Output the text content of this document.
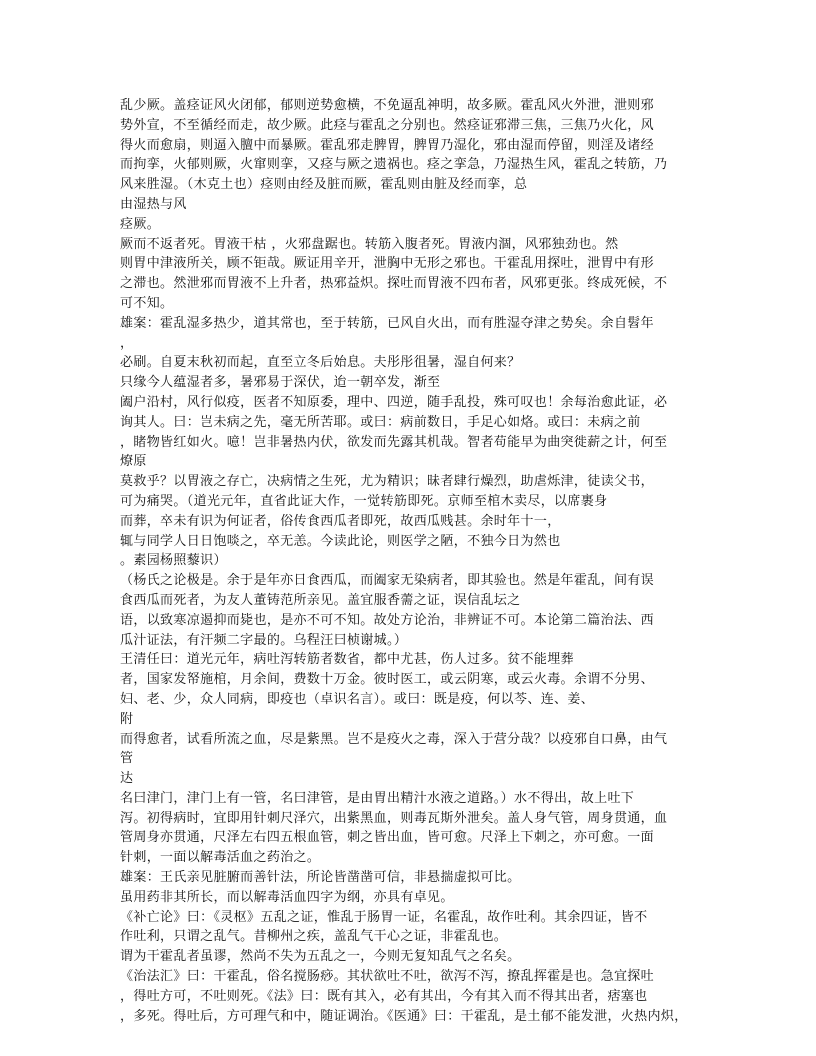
乱少厥。盖痉证风火闭郁，郁则逆势愈横，不免逼乱神明，故多厥。霍乱风火外泄，泄则邪
势外宣，不至循经而走，故少厥。此痉与霍乱之分别也。然痉证邪滞三焦，三焦乃火化，风
得火而愈扇，则逼入膻中而暴厥。霍乱邪走脾胃，脾胃乃湿化，邪由湿而停留，则淫及诸经
而拘挛，火郁则厥，火窜则挛，又痉与厥之遗祸也。痉之挛急，乃湿热生风，霍乱之转筋，乃
风来胜湿。（木克土也）痉则由经及脏而厥，霍乱则由脏及经而挛，总
由湿热与风
痉厥。
厥而不返者死。胃液干枯 ，火邪盘踞也。转筋入腹者死。胃液内涸，风邪独劲也。然
则胃中津液所关，顾不钜哉。厥证用辛开，泄胸中无形之邪也。干霍乱用探吐，泄胃中有形
之滞也。然泄邪而胃液不上升者，热邪益炽。探吐而胃液不四布者，风邪更张。终成死候，不
可不知。
雄案：霍乱湿多热少，道其常也，至于转筋，已风自火出，而有胜湿夺津之势矣。余自髫年
，
必刷。自夏末秋初而起，直至立冬后始息。夫彤彤徂暑，湿自何来？
只缘今人蕴湿者多，暑邪易于深伏，迨一朝卒发，渐至
阖户沿村，风行似疫，医者不知原委，理中、四逆，随手乱投，殊可叹也！余每治愈此证，必
询其人。曰：岂未病之先，毫无所苦耶。或曰：病前数日，手足心如烙。或曰：未病之前
，睹物皆红如火。噫！岂非暑热内伏，欲发而先露其机哉。智者苟能早为曲突徙薪之计，何至
燎原
莫救乎？以胃液之存亡，决病情之生死，尤为精识；昧者肆行燥烈，助虐烁津，徒读父书，
可为痛哭。（道光元年，直省此证大作，一觉转筋即死。京师至棺木卖尽，以席裹身
而葬，卒未有识为何证者，俗传食西瓜者即死，故西瓜贱甚。余时年十一，
辄与同学人日日饱啖之，卒无恙。今读此论，则医学之陋，不独今日为然也
。素园杨照藜识）
（杨氏之论极是。余于是年亦日食西瓜，而阖家无染病者，即其验也。然是年霍乱，间有误
食西瓜而死者，为友人董铸范所亲见。盖宜服香薷之证，误信乱坛之
语，以致寒凉遏抑而毙也，是亦不可不知。故处方论治，非辨证不可。本论第二篇治法、西
瓜汁证法，有汗频二字最的。乌程汪曰桢谢城。）
王清任曰：道光元年，病吐泻转筋者数省，都中尤甚，伤人过多。贫不能埋葬
者，国家发帑施棺，月余间，费数十万金。彼时医工，或云阴寒，或云火毒。余谓不分男、
妇、老、少，众人同病，即疫也（卓识名言）。或曰：既是疫，何以芩、连、姜、
附
而得愈者，试看所流之血，尽是紫黑。岂不是疫火之毒，深入于营分哉？以疫邪自口鼻，由气
管
达
名曰津门，津门上有一管，名曰津管，是由胃出精汁水液之道路。）水不得出，故上吐下
泻。初得病时，宜即用针刺尺泽穴，出紫黑血，则毒瓦斯外泄矣。盖人身气管，周身贯通，血
管周身亦贯通，尺泽左右四五根血管，刺之皆出血，皆可愈。尺泽上下刺之，亦可愈。一面
针刺，一面以解毒活血之药治之。
雄案：王氏亲见脏腑而善针法，所论皆凿凿可信，非悬揣虚拟可比。
虽用药非其所长，而以解毒活血四字为纲，亦具有卓见。
《补亡论》曰：《灵枢》五乱之证，惟乱于肠胃一证，名霍乱，故作吐利。其余四证，皆不
作吐利，只谓之乱气。昔柳州之疾，盖乱气干心之证，非霍乱也。
谓为干霍乱者虽谬，然尚不失为五乱之一，今则无复知乱气之名矣。
《治法汇》曰：干霍乱，俗名搅肠痧。其状欲吐不吐，欲泻不泻，撩乱挥霍是也。急宜探吐
，得吐方可，不吐则死。《法》曰：既有其入，必有其出，今有其入而不得其出者，痞塞也
，多死。得吐后，方可理气和中，随证调治。《医通》曰：干霍乱，是土郁不能发泄，火热内炽，
